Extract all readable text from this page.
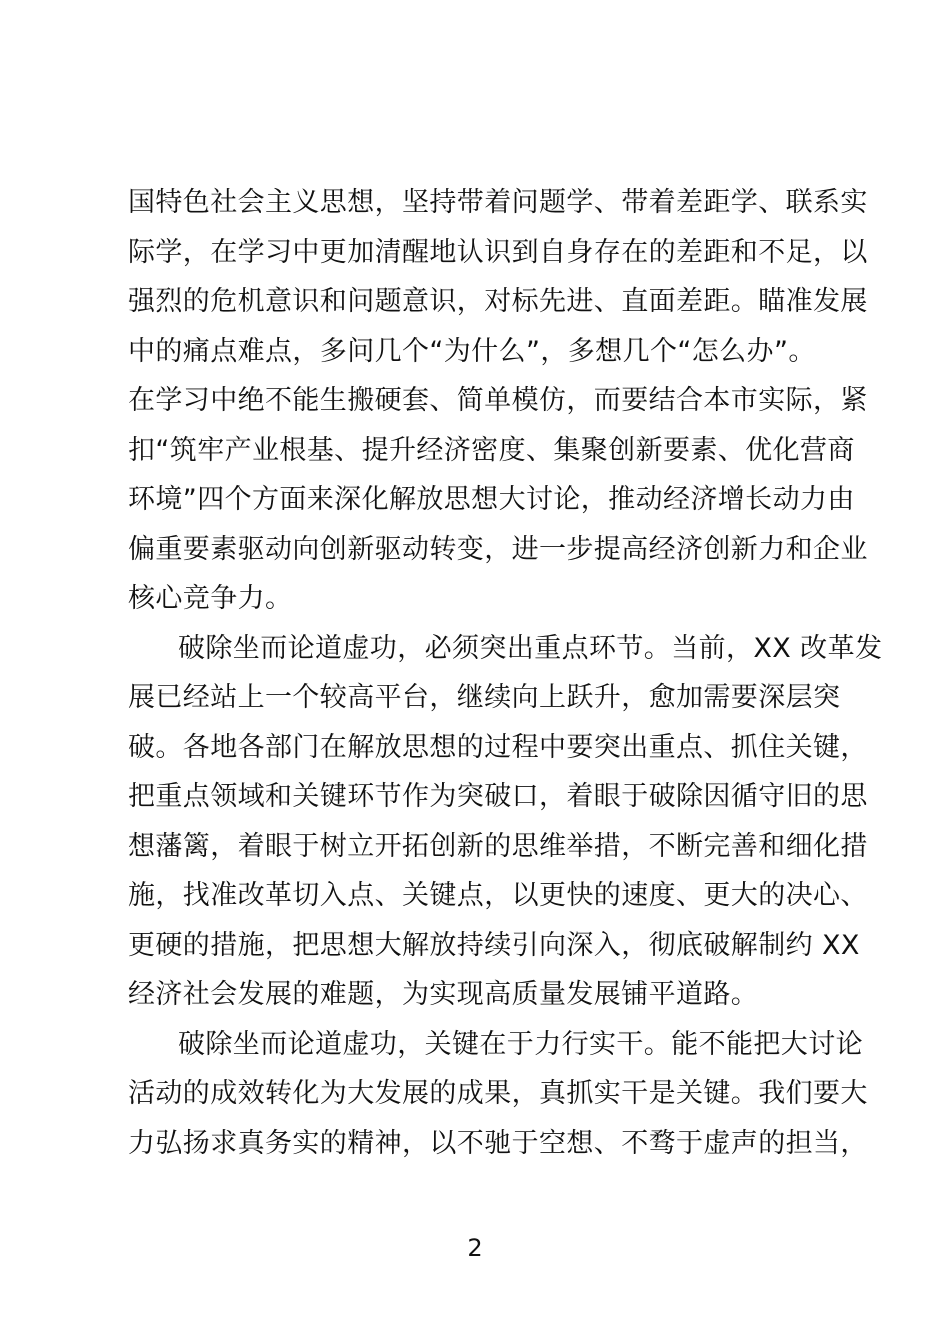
国特色社会主义思想，坚持带着问题学、带着差距学、联系实
际学，在学习中更加清醒地认识到自身存在的差距和不足，以
强烈的危机意识和问题意识，对标先进、直面差距。瞄准发展
中的痛点难点，多问几个“为什么”，多想几个“怎么办”。
在学习中绝不能生搬硬套、简单模仿，而要结合本市实际，紧
扣“筑牢产业根基、提升经济密度、集聚创新要素、优化营商
环境”四个方面来深化解放思想大讨论，推动经济增长动力由
偏重要素驱动向创新驱动转变，进一步提高经济创新力和企业
核心竞争力。
破除坐而论道虚功，必须突出重点环节。当前，XX 改革发
展已经站上一个较高平台，继续向上跃升，愈加需要深层突
破。各地各部门在解放思想的过程中要突出重点、抓住关键，
把重点领域和关键环节作为突破口，着眼于破除因循守旧的思
想藩篱，着眼于树立开拓创新的思维举措，不断完善和细化措
施，找准改革切入点、关键点，以更快的速度、更大的决心、
更硬的措施，把思想大解放持续引向深入，彻底破解制约 XX
经济社会发展的难题，为实现高质量发展铺平道路。
破除坐而论道虚功，关键在于力行实干。能不能把大讨论
活动的成效转化为大发展的成果，真抓实干是关键。我们要大
力弘扬求真务实的精神，以不驰于空想、不骛于虚声的担当，
2
